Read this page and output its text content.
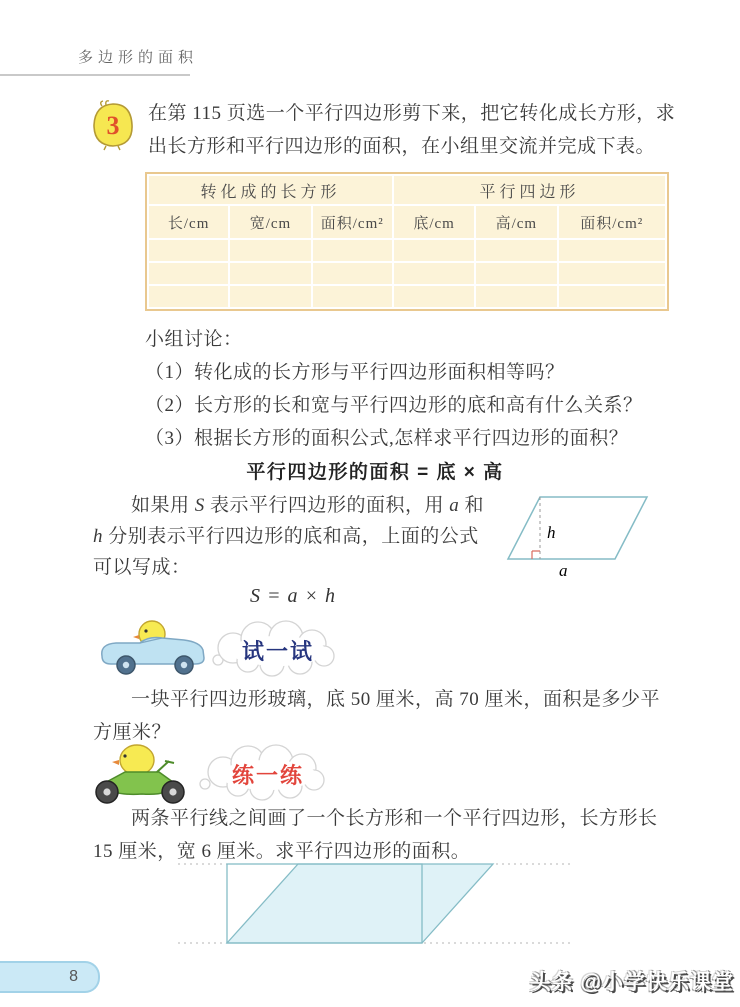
多边形的面积
3 在第 115 页选一个平行四边形剪下来，把它转化成长方形，求
出长方形和平行四边形的面积，在小组里交流并完成下表。
转化成的长方形			平行四边形		
长/cm	宽/cm	面积/cm²	底/cm	高/cm	面积/cm²

小组讨论：
（1）转化成的长方形与平行四边形面积相等吗？
（2）长方形的长和宽与平行四边形的底和高有什么关系？
（3）根据长方形的面积公式,怎样求平行四边形的面积？
平行四边形的面积 = 底 × 高
如果用 S 表示平行四边形的面积，用 a 和
h 分别表示平行四边形的底和高，上面的公式
可以写成：
S = a × h
h
a
试一试
一块平行四边形玻璃，底 50 厘米，高 70 厘米，面积是多少平
方厘米？
练一练
两条平行线之间画了一个长方形和一个平行四边形，长方形长
15 厘米，宽 6 厘米。求平行四边形的面积。
8	头条 @小学快乐课堂
